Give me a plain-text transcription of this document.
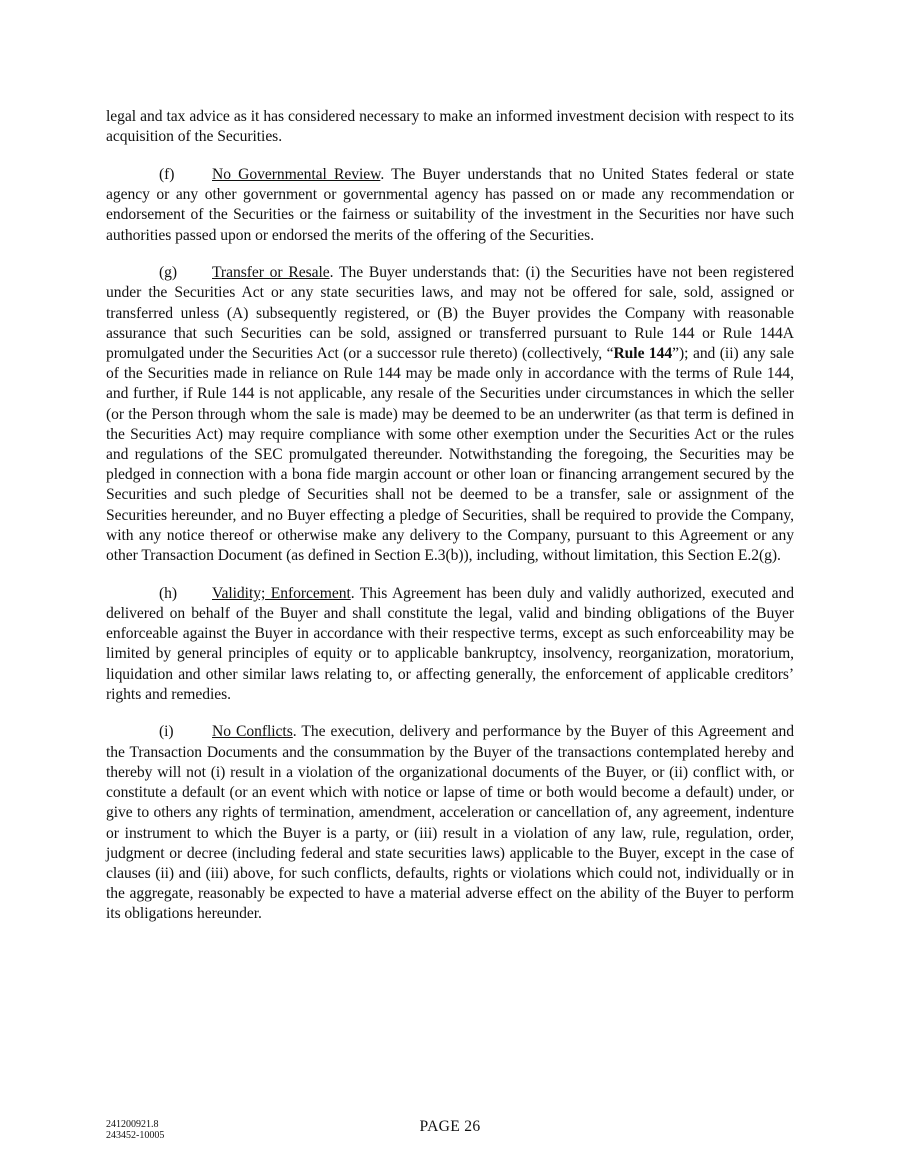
legal and tax advice as it has considered necessary to make an informed investment decision with respect to its acquisition of the Securities.

(f) No Governmental Review. The Buyer understands that no United States federal or state agency or any other government or governmental agency has passed on or made any recommendation or endorsement of the Securities or the fairness or suitability of the investment in the Securities nor have such authorities passed upon or endorsed the merits of the offering of the Securities.

(g) Transfer or Resale. The Buyer understands that: (i) the Securities have not been registered under the Securities Act or any state securities laws, and may not be offered for sale, sold, assigned or transferred unless (A) subsequently registered, or (B) the Buyer provides the Company with reasonable assurance that such Securities can be sold, assigned or transferred pursuant to Rule 144 or Rule 144A promulgated under the Securities Act (or a successor rule thereto) (collectively, “Rule 144”); and (ii) any sale of the Securities made in reliance on Rule 144 may be made only in accordance with the terms of Rule 144, and further, if Rule 144 is not applicable, any resale of the Securities under circumstances in which the seller (or the Person through whom the sale is made) may be deemed to be an underwriter (as that term is defined in the Securities Act) may require compliance with some other exemption under the Securities Act or the rules and regulations of the SEC promulgated thereunder. Notwithstanding the foregoing, the Securities may be pledged in connection with a bona fide margin account or other loan or financing arrangement secured by the Securities and such pledge of Securities shall not be deemed to be a transfer, sale or assignment of the Securities hereunder, and no Buyer effecting a pledge of Securities, shall be required to provide the Company, with any notice thereof or otherwise make any delivery to the Company, pursuant to this Agreement or any other Transaction Document (as defined in Section E.3(b)), including, without limitation, this Section E.2(g).

(h) Validity; Enforcement. This Agreement has been duly and validly authorized, executed and delivered on behalf of the Buyer and shall constitute the legal, valid and binding obligations of the Buyer enforceable against the Buyer in accordance with their respective terms, except as such enforceability may be limited by general principles of equity or to applicable bankruptcy, insolvency, reorganization, moratorium, liquidation and other similar laws relating to, or affecting generally, the enforcement of applicable creditors’ rights and remedies.

(i) No Conflicts. The execution, delivery and performance by the Buyer of this Agreement and the Transaction Documents and the consummation by the Buyer of the transactions contemplated hereby and thereby will not (i) result in a violation of the organizational documents of the Buyer, or (ii) conflict with, or constitute a default (or an event which with notice or lapse of time or both would become a default) under, or give to others any rights of termination, amendment, acceleration or cancellation of, any agreement, indenture or instrument to which the Buyer is a party, or (iii) result in a violation of any law, rule, regulation, order, judgment or decree (including federal and state securities laws) applicable to the Buyer, except in the case of clauses (ii) and (iii) above, for such conflicts, defaults, rights or violations which could not, individually or in the aggregate, reasonably be expected to have a material adverse effect on the ability of the Buyer to perform its obligations hereunder.

241200921.8
243452-10005
PAGE 26
